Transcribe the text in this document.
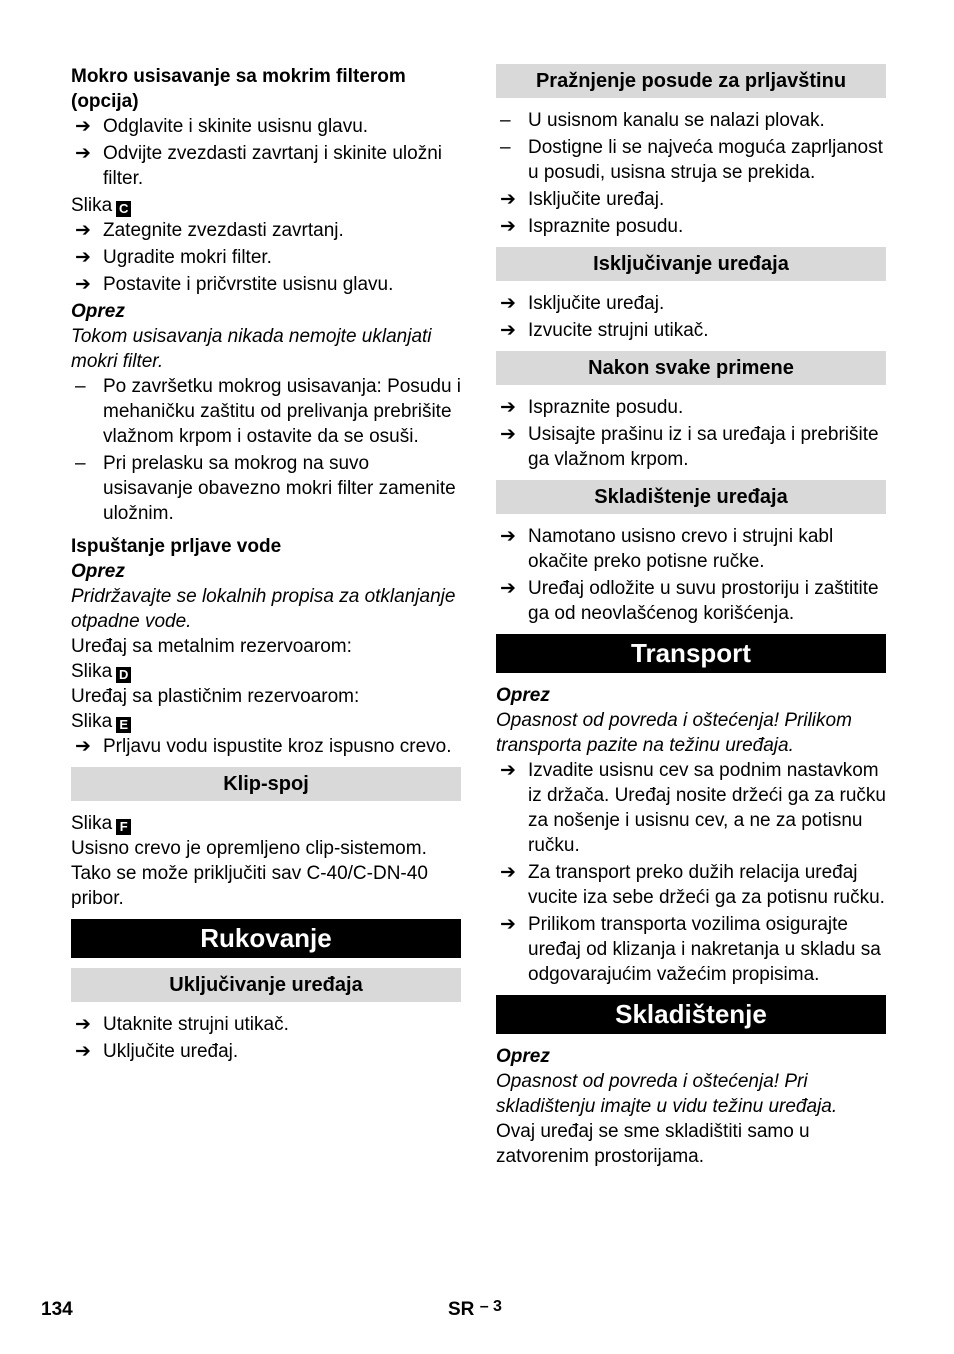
Mokro usisavanje sa mokrim filterom (opcija)

➔ Odglavite i skinite usisnu glavu.
➔ Odvijte zvezdasti zavrtanj i skinite uložni filter.

Slika C

➔ Zategnite zvezdasti zavrtanj.
➔ Ugradite mokri filter.
➔ Postavite i pričvrstite usisnu glavu.

Oprez

Tokom usisavanja nikada nemojte uklanjati mokri filter.

– Po završetku mokrog usisavanja: Posudu i mehaničku zaštitu od prelivanja prebrišite vlažnom krpom i ostavite da se osuši.
– Pri prelasku sa mokrog na suvo usisavanje obavezno mokri filter zamenite uložnim.

Ispuštanje prljave vode

Oprez

Pridržavajte se lokalnih propisa za otklanjanje otpadne vode.

Uređaj sa metalnim rezervoarom:

Slika D

Uređaj sa plastičnim rezervoarom:

Slika E

➔ Prljavu vodu ispustite kroz ispusno crevo.
Klip-spoj

Slika F

Usisno crevo je opremljeno clip-sistemom.

Tako se može priključiti sav C-40/C-DN-40 pribor.

Rukovanje
Uključivanje uređaja
➔ Utaknite strujni utikač.
➔ Uključite uređaj.
Pražnjenje posude za prljavštinu
– U usisnom kanalu se nalazi plovak.
– Dostigne li se najveća moguća zaprljanost u posudi, usisna struja se prekida.
➔ Isključite uređaj.
➔ Ispraznite posudu.
Isključivanje uređaja
➔ Isključite uređaj.
➔ Izvucite strujni utikač.
Nakon svake primene
➔ Ispraznite posudu.
➔ Usisajte prašinu iz i sa uređaja i prebrišite ga vlažnom krpom.
Skladištenje uređaja
➔ Namotano usisno crevo i strujni kabl okačite preko potisne ručke.
➔ Uređaj odložite u suvu prostoriju i zaštitite ga od neovlašćenog korišćenja.
Transport

Oprez

Opasnost od povreda i oštećenja! Prilikom transporta pazite na težinu uređaja.

➔ Izvadite usisnu cev sa podnim nastavkom iz držača. Uređaj nosite držeći ga za ručku za nošenje i usisnu cev, a ne za potisnu ručku.
➔ Za transport preko dužih relacija uređaj vucite iza sebe držeći ga za potisnu ručku.
➔ Prilikom transporta vozilima osigurajte uređaj od klizanja i nakretanja u skladu sa odgovarajućim važećim propisima.
Skladištenje

Oprez

Opasnost od povreda i oštećenja! Pri skladištenju imajte u vidu težinu uređaja.

Ovaj uređaj se sme skladištiti samo u zatvorenim prostorijama.

134	SR $^{- 3}$
